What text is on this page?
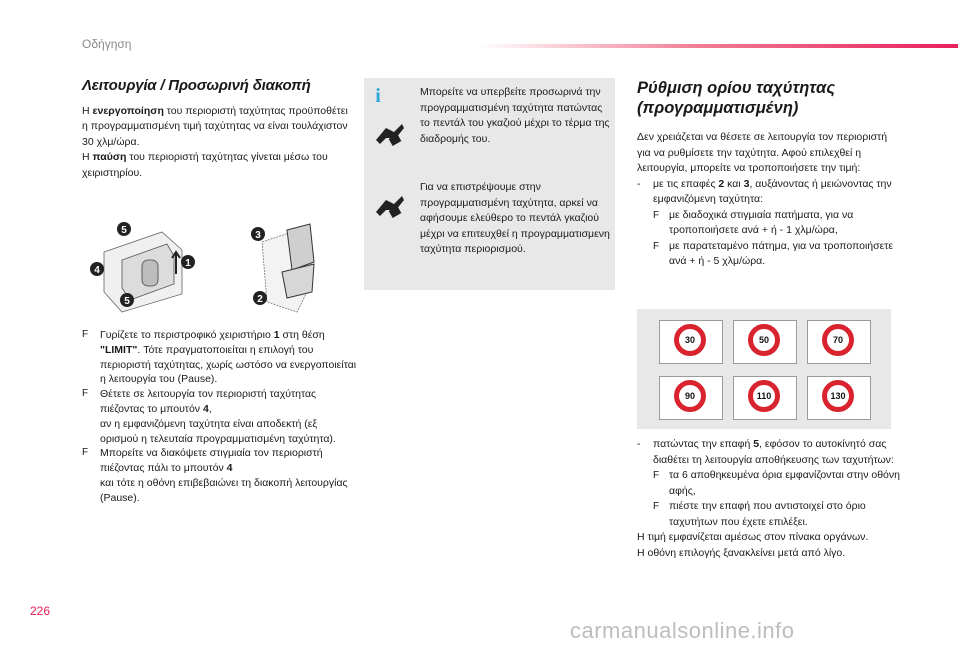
Οδήγηση
Λειτουργία / Προσωρινή διακοπή

Η ενεργοποίηση του περιοριστή ταχύτητας προϋποθέτει η προγραμματισμένη τιμή ταχύτητας να είναι τουλάχιστον
30 χλμ/ώρα.
Η παύση του περιοριστή ταχύτητας γίνεται μέσω του χειριστηρίου.

1
4
5
5
3
2
F	Γυρίζετε το περιστροφικό χειριστήριο 1 στη θέση "LIMIT". Τότε πραγματοποιείται η επιλογή του περιοριστή ταχύτητας, χωρίς ωστόσο να ενεργοποιείται η λειτουργία του (Pause).
F	Θέτετε σε λειτουργία τον περιοριστή ταχύτητας πιέζοντας το μπουτόν 4,
αν η εμφανιζόμενη ταχύτητα είναι αποδεκτή (εξ ορισμού η τελευταία προγραμματισμένη ταχύτητα).
F	Μπορείτε να διακόψετε στιγμιαία τον περιοριστή πιέζοντας πάλι το μπουτόν 4
και τότε η οθόνη επιβεβαιώνει τη διακοπή λειτουργίας (Pause).
i	Μπορείτε να υπερβείτε προσωρινά την προγραμματισμένη ταχύτητα πατώντας το πεντάλ του γκαζιού μέχρι το τέρμα της διαδρομής του.
Για να επιστρέψουμε στην προγραμματισμένη ταχύτητα, αρκεί να αφήσουμε ελεύθερο το πεντάλ γκαζιού μέχρι να επιτευχθεί η προγραμματισμενη ταχύτητα περιορισμού.
Ρύθμιση ορίου ταχύτητας
(προγραμματισμένη)

Δεν χρειάζεται να θέσετε σε λειτουργία τον περιοριστή για να ρυθμίσετε την ταχύτητα. Αφού επιλεχθεί η λειτουργία, μπορείτε να τροποποιήσετε την τιμή:

-	με τις επαφές 2 και 3, αυξάνοντας ή μειώνοντας την εμφανιζόμενη ταχύτητα:
F με διαδοχικά στιγμιαία πατήματα, για να τροποποιήσετε ανά + ή - 1 χλμ/ώρα,
F με παρατεταμένο πάτημα, για να τροποποιήσετε ανά + ή - 5 χλμ/ώρα.
30	50	70
90	110	130
-	πατώντας την επαφή 5, εφόσον το αυτοκίνητό σας διαθέτει τη λειτουργία αποθήκευσης των ταχυτήτων:
F τα 6 αποθηκευμένα όρια εμφανίζονται στην οθόνη αφής,
F πιέστε την επαφή που αντιστοιχεί στο όριο ταχυτήτων που έχετε επιλέξει.

Η τιμή εμφανίζεται αμέσως στον πίνακα οργάνων.

Η οθόνη επιλογής ξανακλείνει μετά από λίγο.

226
carmanualsonline.info
